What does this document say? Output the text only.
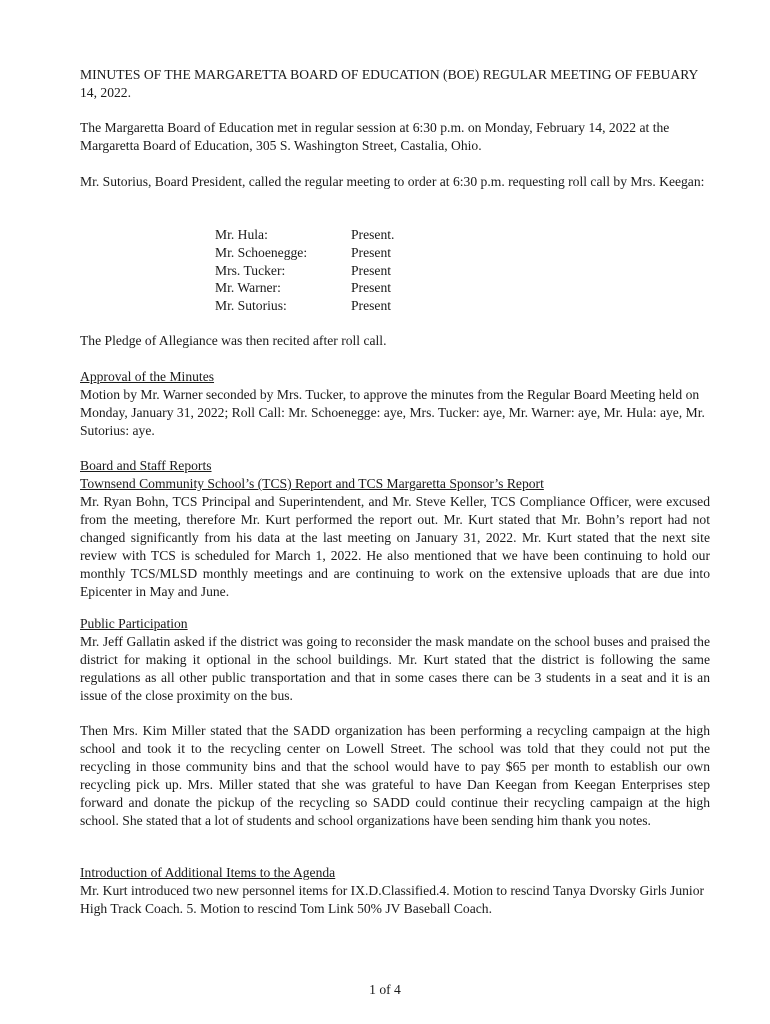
MINUTES OF THE MARGARETTA BOARD OF EDUCATION (BOE) REGULAR MEETING OF FEBUARY 14, 2022.

The Margaretta Board of Education met in regular session at 6:30 p.m. on Monday, February 14, 2022 at the Margaretta Board of Education, 305 S. Washington Street, Castalia, Ohio.

Mr. Sutorius, Board President, called the regular meeting to order at 6:30 p.m. requesting roll call by Mrs. Keegan:

Mr. Hula:	Present.
Mr. Schoenegge:	Present
Mrs. Tucker:	Present
Mr. Warner:	Present
Mr. Sutorius:	Present

The Pledge of Allegiance was then recited after roll call.

Approval of the Minutes
Motion by Mr. Warner seconded by Mrs. Tucker, to approve the minutes from the Regular Board Meeting held on Monday, January 31, 2022; Roll Call: Mr. Schoenegge: aye, Mrs. Tucker: aye, Mr. Warner: aye, Mr. Hula: aye, Mr. Sutorius: aye.
Board and Staff Reports
Townsend Community School’s (TCS) Report and TCS Margaretta Sponsor’s Report
Mr. Ryan Bohn, TCS Principal and Superintendent, and Mr. Steve Keller, TCS Compliance Officer, were excused from the meeting, therefore Mr. Kurt performed the report out. Mr. Kurt stated that Mr. Bohn’s report had not changed significantly from his data at the last meeting on January 31, 2022. Mr. Kurt stated that the next site review with TCS is scheduled for March 1, 2022. He also mentioned that we have been continuing to hold our monthly TCS/MLSD monthly meetings and are continuing to work on the extensive uploads that are due into Epicenter in May and June.
Public Participation
Mr. Jeff Gallatin asked if the district was going to reconsider the mask mandate on the school buses and praised the district for making it optional in the school buildings. Mr. Kurt stated that the district is following the same regulations as all other public transportation and that in some cases there can be 3 students in a seat and it is an issue of the close proximity on the bus.

Then Mrs. Kim Miller stated that the SADD organization has been performing a recycling campaign at the high school and took it to the recycling center on Lowell Street. The school was told that they could not put the recycling in those community bins and that the school would have to pay $65 per month to establish our own recycling pick up. Mrs. Miller stated that she was grateful to have Dan Keegan from Keegan Enterprises step forward and donate the pickup of the recycling so SADD could continue their recycling campaign at the high school. She stated that a lot of students and school organizations have been sending him thank you notes.

Introduction of Additional Items to the Agenda
Mr. Kurt introduced two new personnel items for IX.D.Classified.4. Motion to rescind Tanya Dvorsky Girls Junior High Track Coach. 5. Motion to rescind Tom Link 50% JV Baseball Coach.
1 of 4
